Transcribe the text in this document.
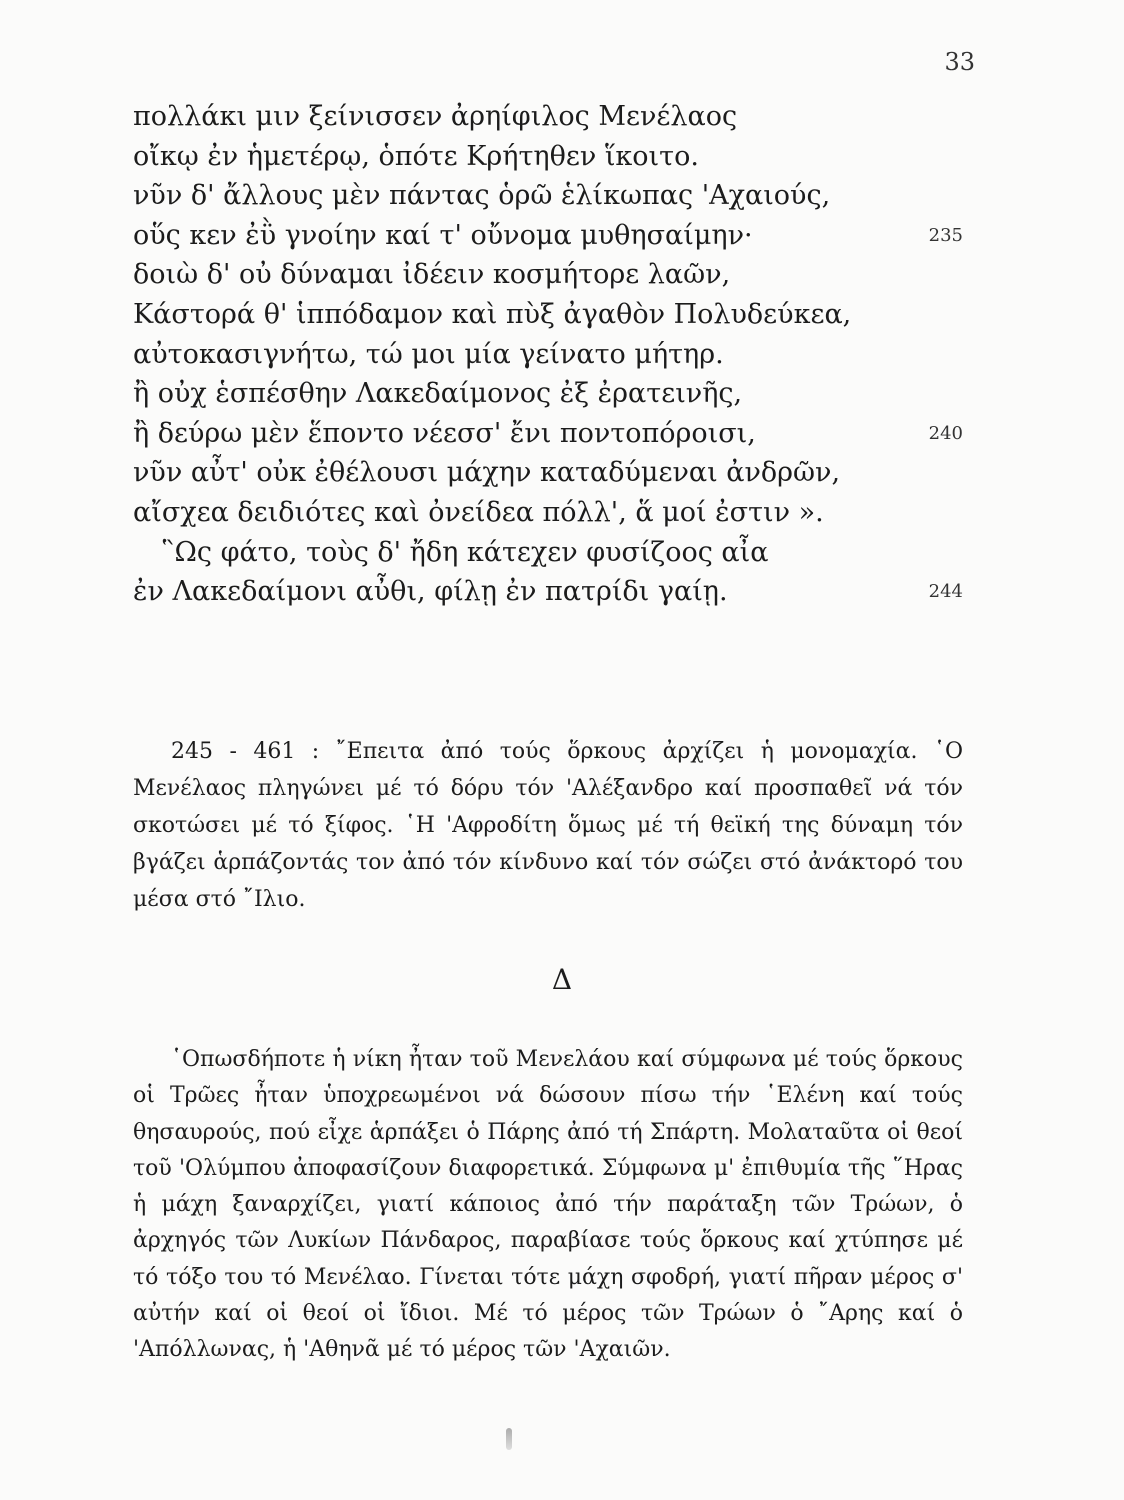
33
πολλάκι μιν ξείνισσεν ἀρηίφιλος Μενέλαος
οἴκῳ ἐν ἡμετέρῳ, ὁπότε Κρήτηθεν ἵκοιτο.
νῦν δ' ἄλλους μὲν πάντας ὁρῶ ἑλίκωπας 'Αχαιούς,
οὕς κεν ἐῢ γνοίην καί τ' οὔνομα μυθησαίμην·	235
δοιὼ δ' οὐ δύναμαι ἰδέειν κοσμήτορε λαῶν,
Κάστορά θ' ἱππόδαμον καὶ πὺξ ἀγαθὸν Πολυδεύκεα,
αὐτοκασιγνήτω, τώ μοι μία γείνατο μήτηρ.
ἢ οὐχ ἑσπέσθην Λακεδαίμονος ἐξ ἐρατεινῆς,
ἢ δεύρω μὲν ἕποντο νέεσσ' ἔνι ποντοπόροισι,	240
νῦν αὖτ' οὐκ ἐθέλουσι μάχην καταδύμεναι ἀνδρῶν,
αἴσχεα δειδιότες καὶ ὀνείδεα πόλλ', ἅ μοί ἐστιν ».
῝Ως φάτο, τοὺς δ' ἤδη κάτεχεν φυσίζοος αἶα
ἐν Λακεδαίμονι αὖθι, φίλῃ ἐν πατρίδι γαίῃ.	244

245 - 461 : ῎Επειτα ἀπό τούς ὅρκους ἀρχίζει ἡ μονομαχία. ῾Ο Μενέλαος πληγώνει μέ τό δόρυ τόν 'Αλέξανδρο καί προσπαθεῖ νά τόν σκοτώσει μέ τό ξίφος. ῾Η 'Αφροδίτη ὅμως μέ τή θεϊκή της δύναμη τόν βγάζει ἁρπάζοντάς τον ἀπό τόν κίνδυνο καί τόν σώζει στό ἀνάκτορό του μέσα στό ῎Ιλιο.

Δ

῾Οπωσδήποτε ἡ νίκη ἦταν τοῦ Μενελάου καί σύμφωνα μέ τούς ὅρκους οἱ Τρῶες ἦταν ὑποχρεωμένοι νά δώσουν πίσω τήν ῾Ελένη καί τούς θησαυρούς, πού εἶχε ἁρπάξει ὁ Πάρης ἀπό τή Σπάρτη. Μολαταῦτα οἱ θεοί τοῦ 'Ολύμπου ἀποφασίζουν διαφορετικά. Σύμφωνα μ' ἐπιθυμία τῆς ῞Ηρας ἡ μάχη ξαναρχίζει, γιατί κάποιος ἀπό τήν παράταξη τῶν Τρώων, ὁ ἀρχηγός τῶν Λυκίων Πάνδαρος, παραβίασε τούς ὅρκους καί χτύπησε μέ τό τόξο του τό Μενέλαο. Γίνεται τότε μάχη σφοδρή, γιατί πῆραν μέρος σ' αὐτήν καί οἱ θεοί οἱ ἴδιοι. Μέ τό μέρος τῶν Τρώων ὁ ῎Αρης καί ὁ 'Απόλλωνας, ἡ 'Αθηνᾶ μέ τό μέρος τῶν 'Αχαιῶν.
